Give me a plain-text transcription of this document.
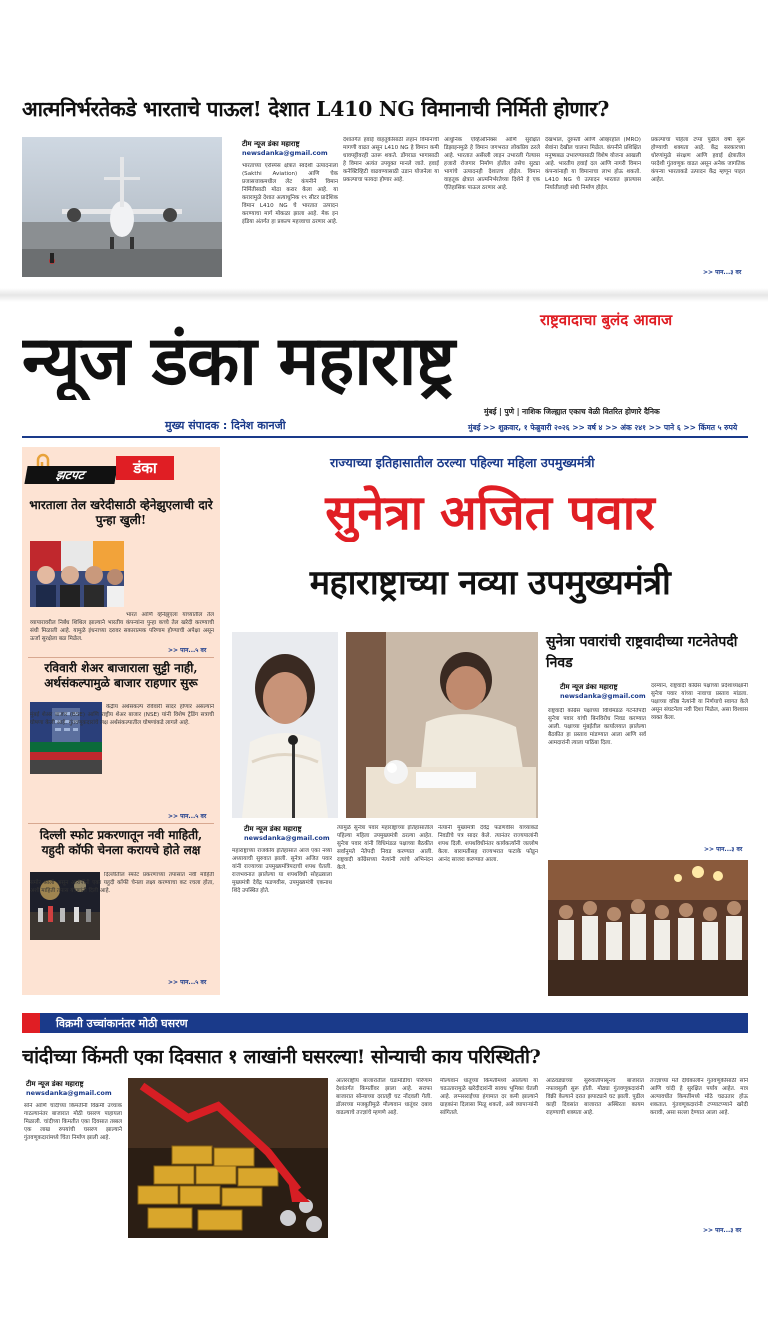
आत्मनिर्भरतेकडे भारताचे पाऊल! देशात L410 NG विमानाची निर्मिती होणार?
टीम न्यूज डंका महाराष्ट्र
newsdanka@gmail.com
भारताच्या एरोस्पेस क्षेत्रात स्वदेशी उत्पादनाला (Sakthi Aviation) आणि चेक प्रजासत्ताकमधील लेट कंपनीने विमान निर्मितीसाठी मोठा करार केला आहे. या करारामुळे देशात अत्याधुनिक १९ सीटर प्रादेशिक विमान L410 NG चे भारतात उत्पादन करण्याचा मार्ग मोकळा झाला आहे. मेक इन इंडिया अंतर्गत हा प्रकल्प महत्त्वाचा ठरणार आहे.
देशांतर्गत हवाई वाहतुकीसाठी लहान विमानांची मागणी वाढत असून L410 NG हे विमान कमी धावपट्टीवरही उतरू शकते. डोंगराळ भागासाठी हे विमान अत्यंत उपयुक्त मानले जाते. हवाई कनेक्टिव्हिटी वाढवण्यासाठी उडान योजनेला या प्रकल्पाचा फायदा होणार आहे.
आधुनिक एव्हिओनिक्स आणि सुरक्षित डिझाइनमुळे हे विमान जगभरात लोकप्रिय ठरले आहे. भारतात असेंब्ली लाइन उभारली गेल्यास हजारो रोजगार निर्माण होतील तसेच सुट्या भागांचे उत्पादनही देशातच होईल. विमान वाहतूक क्षेत्रात आत्मनिर्भरतेच्या दिशेने हे एक ऐतिहासिक पाऊल ठरणार आहे.
देखभाल, दुरुस्ती आणि ओव्हरहॉल (MRO) सेवांना देखील चालना मिळेल. कंपनीने प्रशिक्षित मनुष्यबळ उभारण्यासाठी विशेष योजना आखली आहे. भारतीय हवाई दल आणि नागरी विमान कंपन्यांनाही या विमानाचा लाभ होऊ शकतो. L410 NG चे उत्पादन भारतात झाल्यास निर्यातीलाही संधी निर्माण होईल.
प्रकल्पाचा पहिला टप्पा पुढील वर्षी सुरू होण्याची शक्यता आहे. केंद्र सरकारच्या धोरणांमुळे संरक्षण आणि हवाई क्षेत्रातील परदेशी गुंतवणूक वाढत असून अनेक जागतिक कंपन्या भारताकडे उत्पादन केंद्र म्हणून पाहत आहेत.
>> पान...३ वर
राष्ट्रवादाचा बुलंद आवाज
न्यूज डंका महाराष्ट्र
मुंबई | पुणे | नाशिक जिल्ह्यात एकाच वेळी वितरित होणारे दैनिक
मुख्य संपादक : दिनेश कानजी	मुंबई >> शुक्रवार, १ फेब्रुवारी २०२६ >> वर्ष ४ >> अंक २४१ >> पाने ६ >> किंमत ५ रुपये
झटपट	डंका
भारताला तेल खरेदीसाठी व्हेनेझुएलाची दारे पुन्हा खुली!
भारत आणि व्हेनेझुएला यांच्यातील तेल व्यापारावरील निर्बंध शिथिल झाल्याने भारतीय कंपन्यांना पुन्हा कच्चे तेल खरेदी करण्याची संधी मिळाली आहे. यामुळे इंधनाच्या दरावर सकारात्मक परिणाम होण्याची अपेक्षा असून ऊर्जा सुरक्षेला बळ मिळेल.
>> पान...५ वर
रविवारी शेअर बाजाराला सुट्टी नाही, अर्थसंकल्पामुळे बाजार राहणार सुरू
केंद्रीय अर्थसंकल्प रविवारी सादर होणार असल्याने मुंबई शेअर बाजार (BSE) आणि राष्ट्रीय शेअर बाजार (NSE) यांनी विशेष ट्रेडिंग सत्राची घोषणा केली आहे. गुंतवणूकदारांचे लक्ष अर्थसंकल्पातील घोषणांकडे लागले आहे.
>> पान...५ वर
दिल्ली स्फोट प्रकरणातून नवी माहिती, यहुदी कॉफी चेनला करायचे होते लक्ष
दिल्लीतील स्फोट प्रकरणाच्या तपासात नवी माहिती समोर आली असून आरोपींनी एका यहुदी कॉफी चेनला लक्ष्य करण्याचा कट रचला होता, अशी माहिती तपास यंत्रणांनी दिली आहे.
>> पान...५ वर
राज्याच्या इतिहासातील ठरल्या पहिल्या महिला उपमुख्यमंत्री
सुनेत्रा अजित पवार
महाराष्ट्राच्या नव्या उपमुख्यमंत्री
टीम न्यूज डंका महाराष्ट्र
newsdanka@gmail.com
महाराष्ट्राच्या राजकीय इतिहासात आज एका नव्या अध्यायाची सुरुवात झाली. सुनेत्रा अजित पवार यांनी राज्याच्या उपमुख्यमंत्रिपदाची शपथ घेतली. राजभवनात झालेल्या या शपथविधी सोहळ्याला मुख्यमंत्री देवेंद्र फडणवीस, उपमुख्यमंत्री एकनाथ शिंदे उपस्थित होते.
त्यामुळे सुनेत्रा पवार महाराष्ट्राच्या इतिहासातील पहिल्या महिला उपमुख्यमंत्री ठरल्या आहेत. सुनेत्रा पवार यांनी विधिमंडळ पक्षाच्या बैठकीत सर्वानुमते नेतेपदी निवड करण्यात आली. राष्ट्रवादी काँग्रेसच्या नेत्यांनी त्यांचे अभिनंदन केले.
नेत्यांनी मुख्यमंत्री देवेंद्र फडणवीस यांच्याकडे निवडीचे पत्र सादर केले. त्यानंतर राज्यपालांनी शपथ दिली. शपथविधीनंतर कार्यकर्त्यांनी जल्लोष केला. बारामतीसह राज्यभरात फटाके फोडून आनंद साजरा करण्यात आला.
सुनेत्रा पवारांची राष्ट्रवादीच्या गटनेतेपदी निवड
टीम न्यूज डंका महाराष्ट्र
newsdanka@gmail.com
राष्ट्रवादी काँग्रेस पक्षाच्या विधिमंडळ गटनेतेपदी सुनेत्रा पवार यांची बिनविरोध निवड करण्यात आली. पक्षाच्या मुंबईतील कार्यालयात झालेल्या बैठकीत हा प्रस्ताव मांडण्यात आला आणि सर्व आमदारांनी त्याला पाठिंबा दिला.
दरम्यान, राष्ट्रवादी काँग्रेस पक्षाच्या प्रदेशाध्यक्षांनी सुनेत्रा पवार यांच्या नावाचा प्रस्ताव मांडला. पक्षाच्या वरिष्ठ नेत्यांनी या निर्णयाचे स्वागत केले असून संघटनेला नवी दिशा मिळेल, असा विश्वास व्यक्त केला.
>> पान...३ वर
विक्रमी उच्चांकानंतर मोठी घसरण
चांदीच्या किंमती एका दिवसात १ लाखांनी घसरल्या! सोन्याची काय परिस्थिती?
टीम न्यूज डंका महाराष्ट्र
newsdanka@gmail.com
सोने आणि चांदीच्या किमतींनी विक्रमी उच्चांक गाठल्यानंतर बाजारात मोठी घसरण पाहायला मिळाली. चांदीच्या किमतीत एका दिवसात तब्बल एक लाख रुपयांची घसरण झाल्याने गुंतवणूकदारांमध्ये चिंता निर्माण झाली आहे.
आंतरराष्ट्रीय बाजारातील घडामोडींचा परिणाम देशांतर्गत किमतींवर झाला आहे. सराफा बाजारात सोन्याच्या दरातही घट नोंदवली गेली. डॉलरच्या मजबुतीमुळे मौल्यवान धातूंवर दबाव वाढल्याचे तज्ज्ञांचे म्हणणे आहे.
मौल्यवान धातूंच्या किमतींमध्ये आलेल्या या चढउतारामुळे खरेदीदारांनी सावध भूमिका घेतली आहे. लग्नसराईच्या हंगामात दर कमी झाल्याने ग्राहकांना दिलासा मिळू शकतो, असे व्यापाऱ्यांनी सांगितले.
आठवड्याच्या सुरुवातीपासूनच बाजारात नफावसुली सुरू होती. मोठ्या गुंतवणूकदारांनी विक्री केल्याने दरात झपाट्याने घट झाली. पुढील काही दिवसांत बाजारात अस्थिरता कायम राहण्याची शक्यता आहे.
तज्ज्ञांच्या मते दीर्घकालीन गुंतवणुकीसाठी सोने आणि चांदी हे सुरक्षित पर्याय आहेत. मात्र अल्पावधीत किमतींमध्ये मोठे चढउतार होऊ शकतात. गुंतवणूकदारांनी टप्प्याटप्प्याने खरेदी करावी, असा सल्ला देण्यात आला आहे.
>> पान...३ वर
